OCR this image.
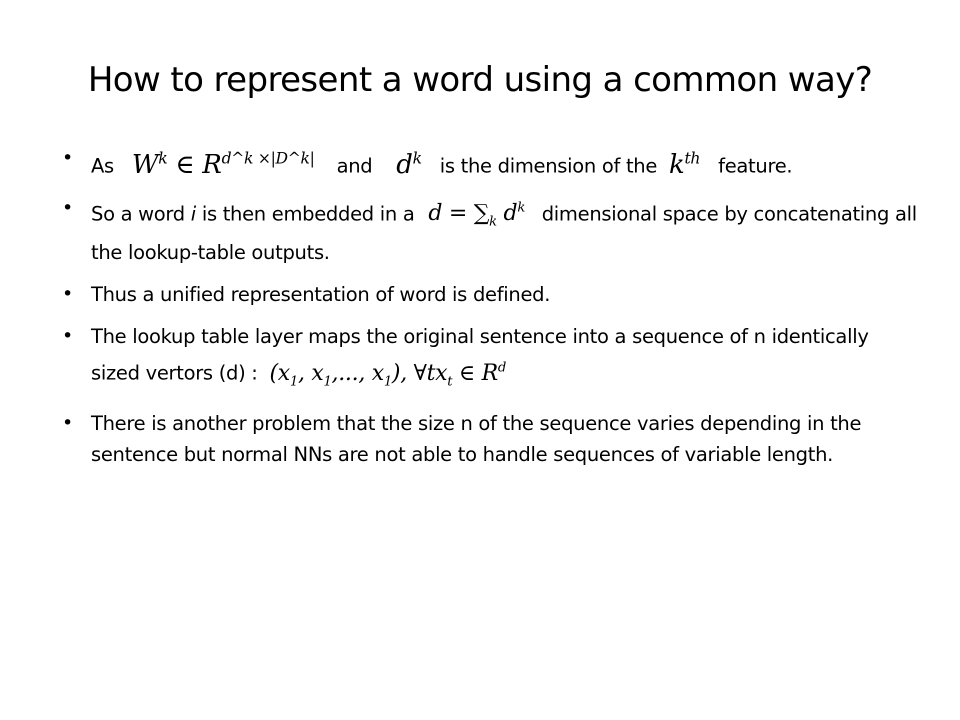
How to represent a word using a common way?
• As $W^k$ ∈ $R^{d\^{}k \times|D\^{}k|}$ and $d^k$ is the dimension of the $k^{th}$ feature.
• So a word i is then embedded in a $d = \sum_k$ $d^k$ dimensional space by concatenating all the lookup-table outputs.
• Thus a unified representation of word is defined.
• The lookup table layer maps the original sentence into a sequence of n identically sized vertors (d) : ($x_1$, $x_1$,..., $x_1$), $\forall tx_t$ ∈ $R^d$
• There is another problem that the size n of the sequence varies depending in the sentence but normal NNs are not able to handle sequences of variable length.
